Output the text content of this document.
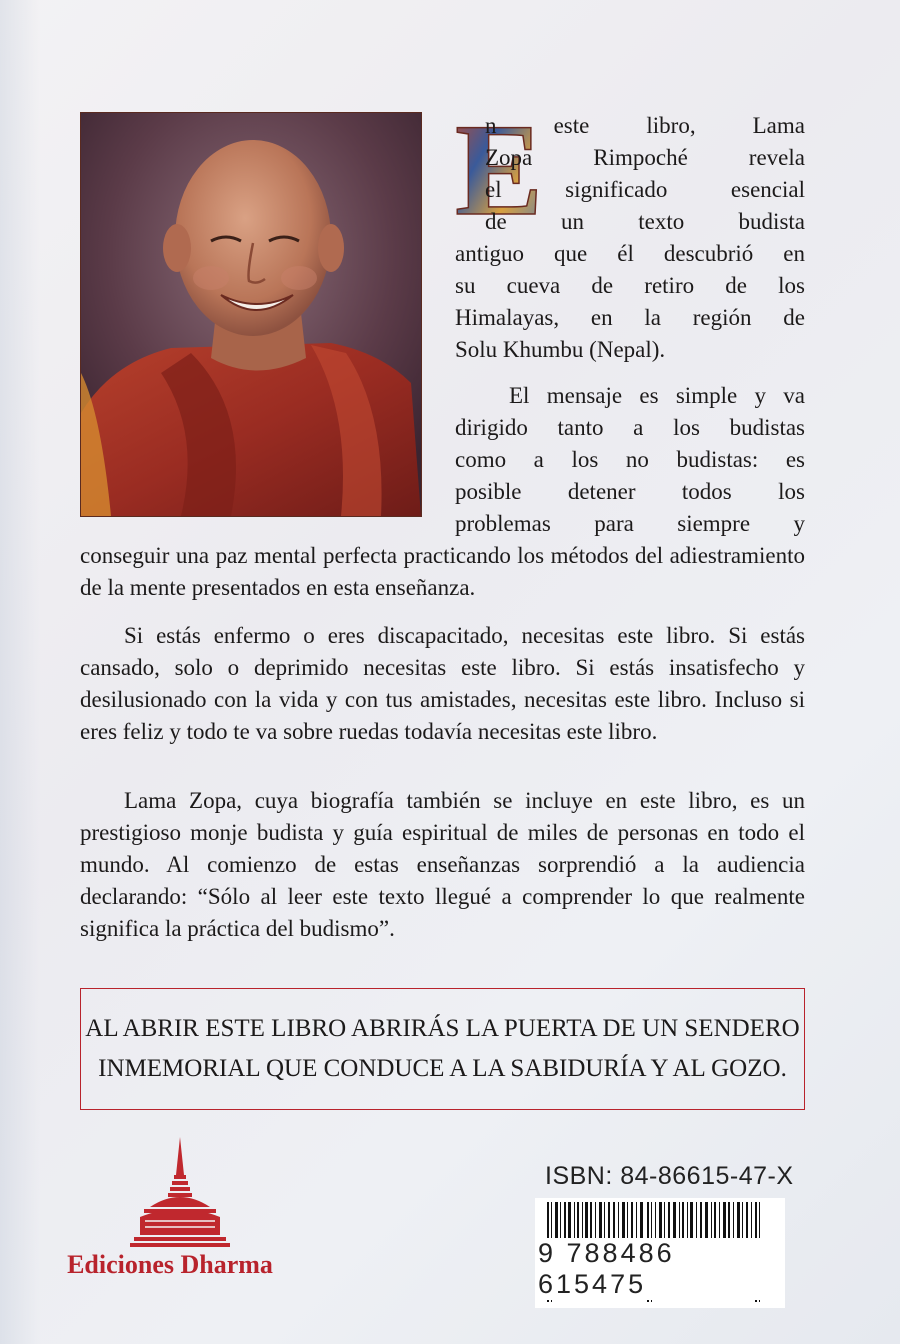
E
n este libro, Lama
Zopa Rimpoché revela
el significado esencial
de un texto budista
antiguo que él descubrió en
su cueva de retiro de los
Himalayas, en la región de
Solu Khumbu (Nepal).
El mensaje es simple y va
dirigido tanto a los budistas
como a los no budistas: es
posible detener todos los
problemas para siempre y
conseguir una paz mental perfecta practicando los métodos del adiestramiento de la mente presentados en esta enseñanza.
Si estás enfermo o eres discapacitado, necesitas este libro. Si estás cansado, solo o deprimido necesitas este libro. Si estás insatisfecho y desilusionado con la vida y con tus amistades, necesitas este libro. Incluso si eres feliz y todo te va sobre ruedas todavía necesitas este libro.
Lama Zopa, cuya biografía también se incluye en este libro, es un prestigioso monje budista y guía espiritual de miles de personas en todo el mundo. Al comienzo de estas enseñanzas sorprendió a la audiencia declarando: “Sólo al leer este texto llegué a comprender lo que realmente significa la práctica del budismo”.
AL ABRIR ESTE LIBRO ABRIRÁS LA PUERTA DE UN SENDERO
INMEMORIAL QUE CONDUCE A LA SABIDURÍA Y AL GOZO.
Ediciones Dharma
ISBN: 84-86615-47-X
9 788486 615475
